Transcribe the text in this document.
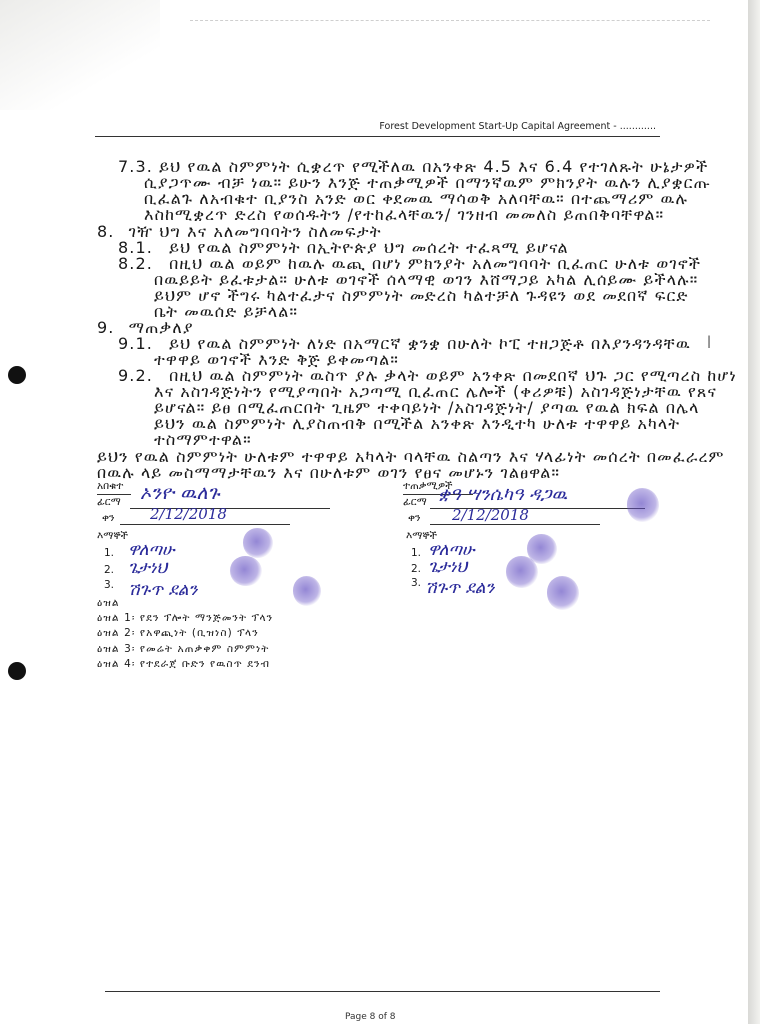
Forest Development Start-Up Capital Agreement - ............
7.3. ይህ የዉል ስምምነት ሲቋረጥ የሚችለዉ በአንቀጽ 4.5 እና 6.4 የተገለጹት ሁኔታዎች
ሲያጋጥሙ ብቻ ነዉ። ይሁን እንጅ ተጠቃሚዎች በማንኛዉም ምክንያት ዉሉን ሊያቋርጡ
ቢፈልጉ ለአብቁተ ቢያንስ አንድ ወር ቀደመዉ ማሳወቅ አለባቸዉ። በተጨማሪም ዉሉ
እስከሚቋረጥ ድረስ የወሰዱትን /የተከፈላቸዉን/ ገንዘብ መመለስ ይጠበቅባቸዋል።
8. ገዥ ህግ እና አለመግባባትን ስለመፍታት
8.1. ይህ የዉል ስምምነት በኢትዮጵያ ህግ መሰረት ተፈጻሚ ይሆናል
8.2. በዚህ ዉል ወይም ከዉሉ ዉጪ በሆነ ምክንያት አለመግባባት ቢፈጠር ሁለቱ ወገኖች
በዉይይት ይፈቱታል። ሁለቱ ወገኖች ሰላማዊ ወገን እሸማጋይ አካል ሊሰይሙ ይችላሉ።
ይህም ሆኖ ችግሩ ካልተፈታና ስምምነት መድረስ ካልተቻለ ጉዳዩን ወደ መደበኛ ፍርድ
ቤት መዉሰድ ይቻላል።
9. ማጠቃለያ
9.1. ይህ የዉል ስምምነት ለነድ በአማርኛ ቋንቋ በሁለት ኮፒ ተዘጋጅቶ በእያንዳንዳቸዉ
ተዋዋይ ወገኖች እንድ ቅጅ ይቀመጣል።
9.2. በዚህ ዉል ስምምነት ዉስጥ ያሉ ቃላት ወይም አንቀጽ በመደበኛ ህጉ ጋር የሚጣረስ ከሆነ
እና አስገዳጅነትን የሚያጣበት አጋጣሚ ቢፈጠር ሌሎች (ቀሪዎቹ) አስገዳጅነታቸዉ የጸና
ይሆናል። ይፀ በሚፈጠርበት ጊዜም ተቀባይነት /አስገዳጅነት/ ያጣዉ የዉል ክፍል በሌላ
ይህን ዉል ስምምነት ሊያስጠብቅ በሚችል አንቀጽ እንዲተካ ሁለቱ ተዋዋይ አካላት
ተስማምተዋል።
ይህን የዉል ስምምነት ሁለቱም ተዋዋይ አካላት ባላቸዉ ስልጣን እና ሃላፊነት መሰረት በመፈራረም
በዉሉ ላይ መስማማታቸዉን እና በሁለቱም ወገን የፀና መሆኑን ገልፀዋል።
አበቁተ
ፊርማ ኦንዮ ዉለጉ
ቀን 2/12/2018
እማኞች
1. ዋለጣሁ
2. ጌታነህ
3. ሽጉጥ ደልን
ተጠቃሚዎች
ፊርማ ቋዓ ሣንሴካዓ ዳጋዉ
ቀን 2/12/2018
እማኞች
1. ዋለጣሁ
2. ጌታነህ
3. ሽጉጥ ደልን
ዕዝል
ዕዝል 1፡ የደን ፕሎት ማንጅመንት ፕላን
ዕዝል 2፡ የአዋጪነት (ቢዝነስ) ፕላን
ዕዝል 3፡ የመሬት አጠቃቀም ስምምነት
ዕዝል 4፡ የተደራጀ ቡድን የዉስጥ ደንብ
|
Page 8 of 8
